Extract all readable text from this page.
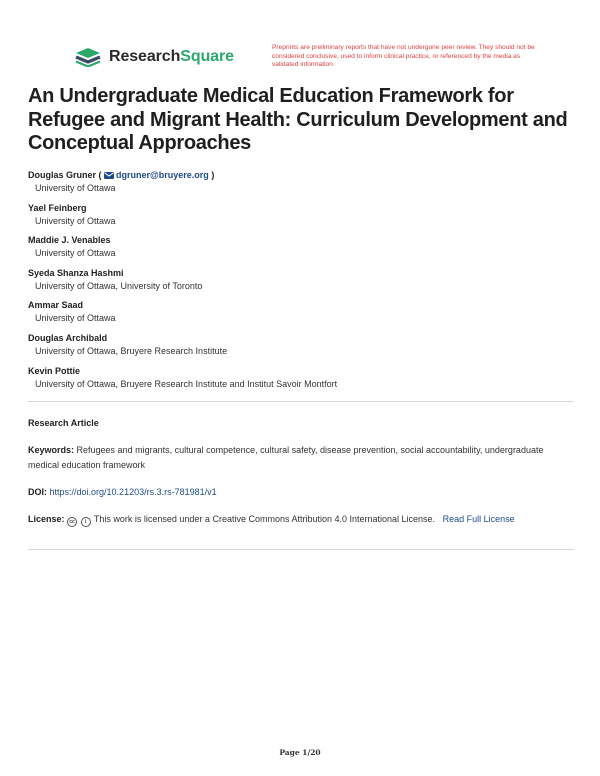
ResearchSquare
Preprints are preliminary reports that have not undergone peer review. They should not be considered conclusive, used to inform clinical practice, or referenced by the media as validated information.
An Undergraduate Medical Education Framework for Refugee and Migrant Health: Curriculum Development and Conceptual Approaches
Douglas Gruner ( dgruner@bruyere.org )
University of Ottawa
Yael Feinberg
University of Ottawa
Maddie J. Venables
University of Ottawa
Syeda Shanza Hashmi
University of Ottawa, University of Toronto
Ammar Saad
University of Ottawa
Douglas Archibald
University of Ottawa, Bruyere Research Institute
Kevin Pottie
University of Ottawa, Bruyere Research Institute and Institut Savoir Montfort
Research Article
Keywords: Refugees and migrants, cultural competence, cultural safety, disease prevention, social accountability, undergraduate medical education framework
DOI: https://doi.org/10.21203/rs.3.rs-781981/v1
License: cc i This work is licensed under a Creative Commons Attribution 4.0 International License. Read Full License
Page 1/20
